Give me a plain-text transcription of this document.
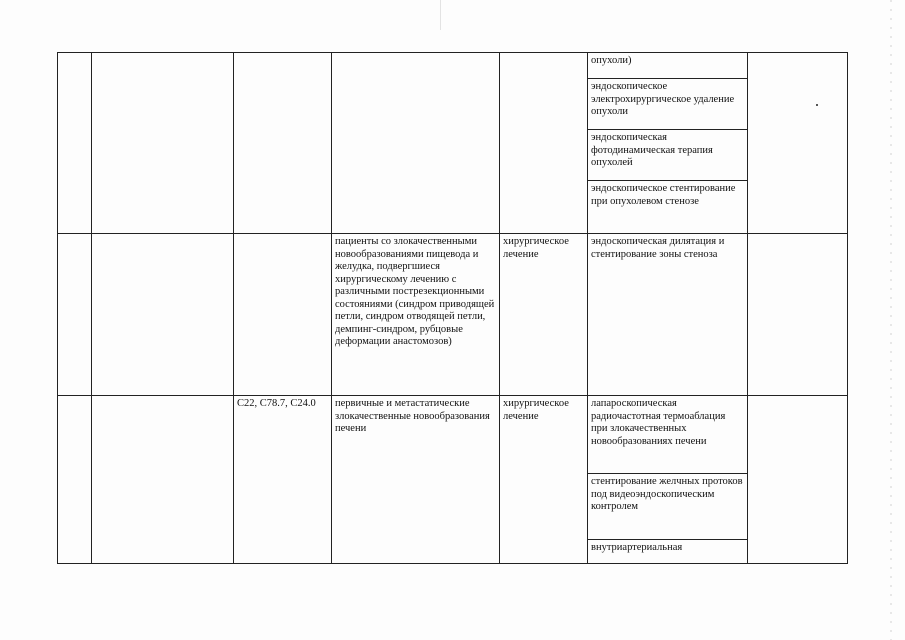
					опухоли)	

					эндоскопическое электрохирургическое удаление опухоли	

					эндоскопическая фотодинамическая терапия опухолей	

					эндоскопическое стентирование при опухолевом стенозе	

			пациенты со злокачественными новообразованиями пищевода и желудка, подвергшиеся хирургическому лечению с различными пострезекционными состояниями (синдром приводящей петли, синдром отводящей петли, демпинг-синдром, рубцовые деформации анастомозов)	хирургическое лечение	эндоскопическая дилятация и стентирование зоны стеноза	

		C22, C78.7, C24.0	первичные и метастатические злокачественные новообразования печени	хирургическое лечение	лапароскопическая радиочастотная термоаблация при злокачественных новообразованиях печени	

					стентирование желчных протоков под видеоэндоскопическим контролем	

					внутриартериальная	
